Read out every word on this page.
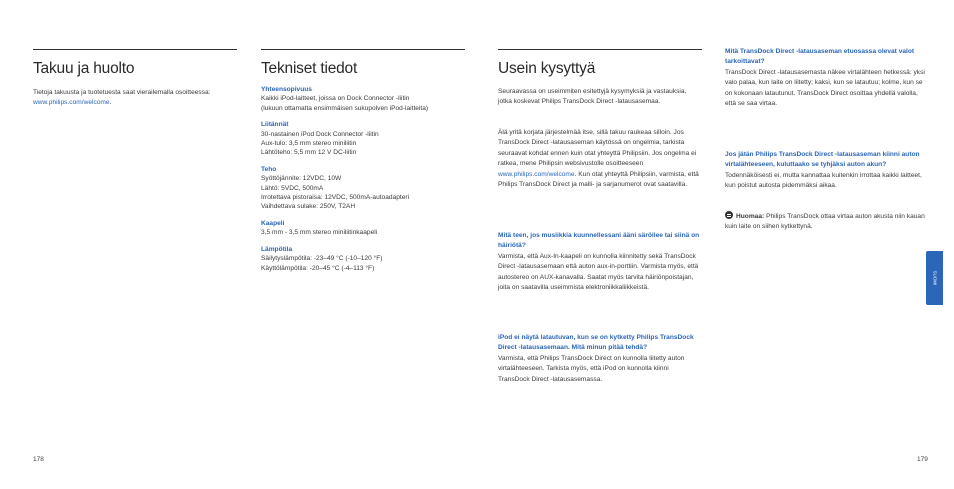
Takuu ja huolto
Tietoja takuusta ja tuotetuesta saat vierailemalla osoitteessa: www.philips.com/welcome.
Tekniset tiedot
Yhteensopivuus
Kaikki iPod-laitteet, joissa on Dock Connector -liitin
(lukuun ottamatta ensimmäisen sukupolven iPod-laitteita)
Liitännät
30-nastainen iPod Dock Connector -liitin
Aux-tulo: 3,5 mm stereo miniliitin
Lähtöteho: 5,5 mm 12 V DC-liitin
Teho
Syöttöjännite: 12VDC, 10W
Lähtö: 5VDC, 500mA
Irrotettava pistoraisa: 12VDC, 500mA-autoadapteri
Vaihdettava sulake: 250V, T2AH
Kaapeli
3,5 mm - 3,5 mm stereo miniliitinkaapeli
Lämpötila
Säilytyslämpötila: -23–49 °C (-10–120 °F)
Käyttölämpötila: -20–45 °C (-4–113 °F)
178
Usein kysyttyä
Seuraavassa on useimmiten esitettyjä kysymyksiä ja vastauksia, jotka koskevat Philips TransDock Direct -latausasemaa.
Älä yritä korjata järjestelmää itse, sillä takuu raukeaa silloin. Jos TransDock Direct -latausaseman käytössä on ongelmia, tarkista seuraavat kohdat ennen kuin otat yhteyttä Philipsiin. Jos ongelma ei ratkea, mene Philipsin websivustolle osoitteeseen www.philips.com/welcome. Kun otat yhteyttä Philipsiin, varmista, että Philips TransDock Direct ja malli- ja sarjanumerot ovat saatavilla.
Mitä teen, jos musiikkia kuunnellessani ääni säröilee tai siinä on häiriötä?
Varmista, että Aux-In-kaapeli on kunnolla kiinnitetty sekä TransDock Direct -latausasemaan että auton aux-in-porttiin. Varmista myös, että autostereo on AUX-kanavalla. Saatat myös tarvita häiriönpoistajan, joita on saatavilla useimmista elektroniikkaliikkeistä.
iPod ei näytä latautuvan, kun se on kytketty Philips TransDock Direct -latausasemaan. Mitä minun pitää tehdä?
Varmista, että Philips TransDock Direct on kunnolla liitetty auton virtalähteeseen. Tarkista myös, että iPod on kunnolla kiinni TransDock Direct -latausasemassa.
Mitä TransDock Direct -latausaseman etuosassa olevat valot tarkoittavat?
TransDock Direct -latausasemasta näkee virtalähteen hetkessä: yksi valo palaa, kun laite on liitetty; kaksi, kun se latautuu; kolme, kun se on kokonaan latautunut. TransDock Direct osoittaa yhdellä valolla, että se saa virtaa.
Jos jätän Philips TransDock Direct -latausaseman kiinni auton virtalähteeseen, kuluttaako se tyhjäksi auton akun?
Todennäköisesti ei, mutta kannattaa kuitenkin irrottaa kaikki laitteet, kun poistut autosta pidemmäksi aikaa.
Huomaa: Philips TransDock ottaa virtaa auton akusta niin kauan kuin laite on siihen kytkettynä.
SUOMI
179
